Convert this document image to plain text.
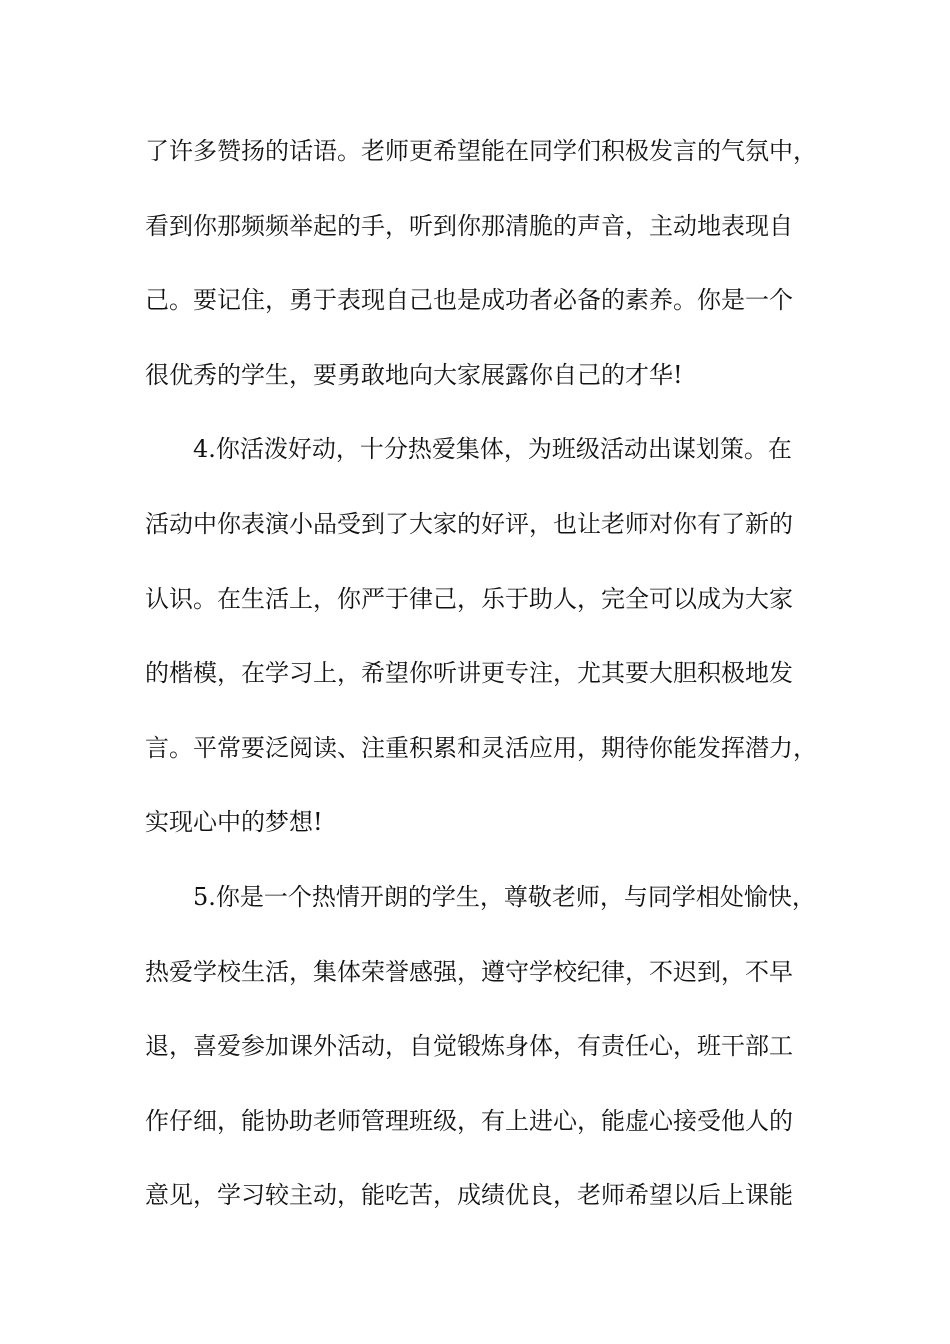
了许多赞扬的话语。老师更希望能在同学们积极发言的气氛中，
看到你那频频举起的手，听到你那清脆的声音，主动地表现自
己。要记住，勇于表现自己也是成功者必备的素养。你是一个
很优秀的学生，要勇敢地向大家展露你自己的才华!
4.你活泼好动，十分热爱集体，为班级活动出谋划策。在
活动中你表演小品受到了大家的好评，也让老师对你有了新的
认识。在生活上，你严于律己，乐于助人，完全可以成为大家
的楷模，在学习上，希望你听讲更专注，尤其要大胆积极地发
言。平常要泛阅读、注重积累和灵活应用，期待你能发挥潜力，
实现心中的梦想!
5.你是一个热情开朗的学生，尊敬老师，与同学相处愉快，
热爱学校生活，集体荣誉感强，遵守学校纪律，不迟到，不早
退，喜爱参加课外活动，自觉锻炼身体，有责任心，班干部工
作仔细，能协助老师管理班级，有上进心，能虚心接受他人的
意见，学习较主动，能吃苦，成绩优良，老师希望以后上课能
